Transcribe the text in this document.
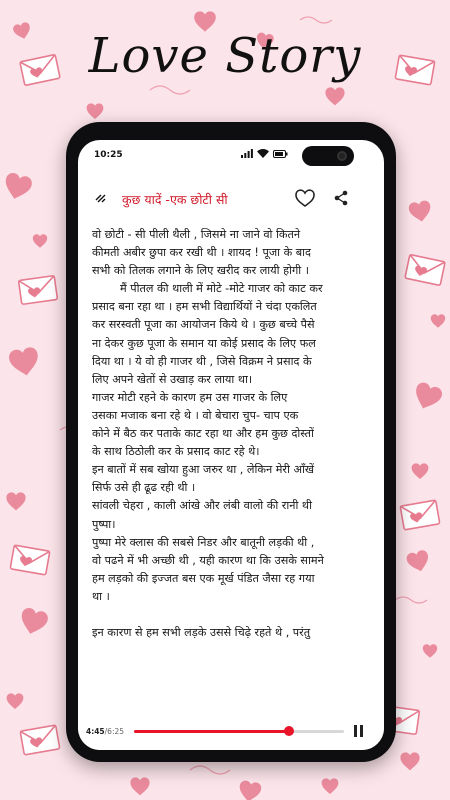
Love Story
10:25
कुछ यादें -एक छोटी सी

वो छोटी - सी पीली थैली , जिसमे ना जाने वो कितने

कीमती अबीर छुपा कर रखी थी । शायद ! पूजा के बाद

सभी को तिलक लगाने के लिए खरीद कर लायी होगी ।

मैं पीतल की थाली में मोटे -मोटे गाजर को काट कर

प्रसाद बना रहा था । हम सभी विद्यार्थियों ने चंदा एकलित

कर सरस्वती पूजा का आयोजन किये थे । कुछ बच्चे पैसे

ना देकर कुछ पूजा के समान या कोई प्रसाद के लिए फल

दिया था । ये वो ही गाजर थी , जिसे विक्रम ने प्रसाद के

लिए अपने खेतों से उखाड़ कर लाया था।

गाजर मोटी रहने के कारण हम उस गाजर के लिए

उसका मजाक बना रहे थे । वो बेचारा चुप- चाप एक

कोने में बैठ कर पताके काट रहा था और हम कुछ दोस्तों

के साथ ठिठोली कर के प्रसाद काट रहे थे।

इन बातों में सब खोया हुआ जरुर था , लेकिन मेरी आँखें

सिर्फ उसे ही ढूढ रही थी ।

सांवली चेहरा , काली आंखे और लंबी वालो की रानी थी

पुष्पा।

पुष्पा मेरे क्लास की सबसे निडर और बातूनी लड़की थी ,

वो पढने में भी अच्छी थी , यही कारण था कि उसके सामने

हम लड़को की इज्जत बस एक मूर्ख पंडित जैसा रह गया

था ।

इन कारण से हम सभी लड़के उससे चिढ़े रहते थे , परंतु

4:45/6:25
